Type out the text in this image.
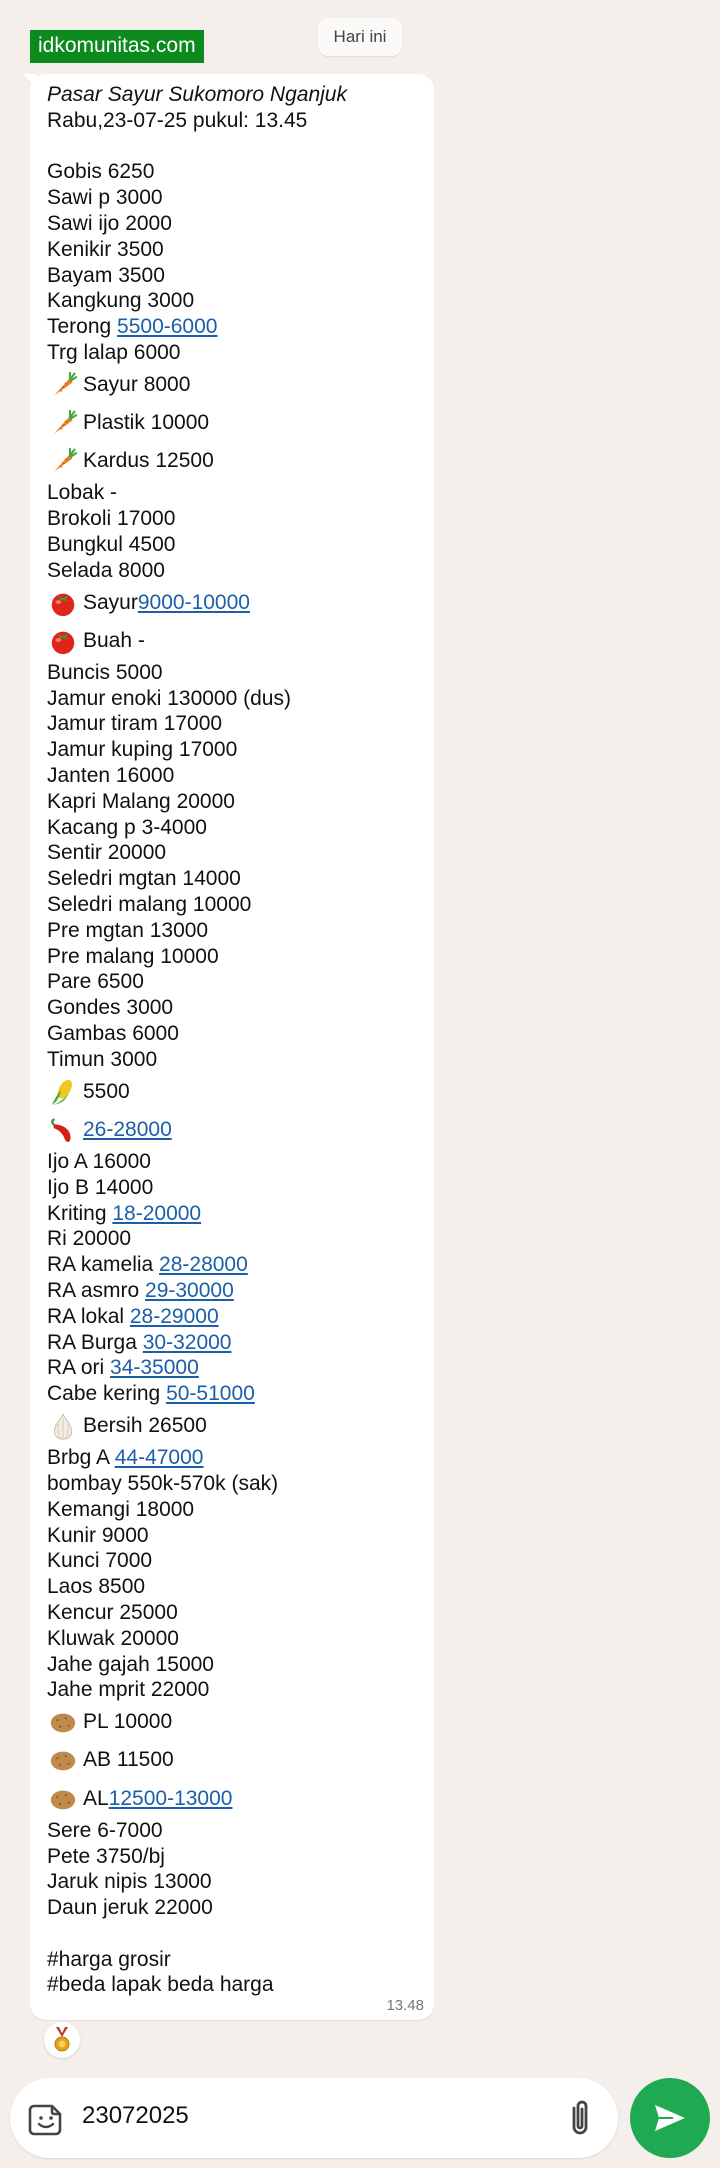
idkomunitas.com	Hari ini
Pasar Sayur Sukomoro Nganjuk
Rabu,23-07-25 pukul: 13.45
Gobis 6250
Sawi p 3000
Sawi ijo 2000
Kenikir 3500
Bayam 3500
Kangkung 3000
Terong 5500-6000
Trg lalap 6000
Sayur 8000
Plastik 10000
Kardus 12500
Lobak -
Brokoli 17000
Bungkul 4500
Selada 8000
Sayur 9000-10000
Buah -
Buncis 5000
Jamur enoki 130000 (dus)
Jamur tiram 17000
Jamur kuping 17000
Janten 16000
Kapri Malang 20000
Kacang p 3-4000
Sentir 20000
Seledri mgtan 14000
Seledri malang 10000
Pre mgtan 13000
Pre malang 10000
Pare 6500
Gondes 3000
Gambas 6000
Timun 3000
5500
26-28000
Ijo A 16000
Ijo B 14000
Kriting 18-20000
Ri 20000
RA kamelia 28-28000
RA asmro 29-30000
RA lokal 28-29000
RA Burga 30-32000
RA ori 34-35000
Cabe kering 50-51000
Bersih 26500
Brbg A 44-47000
bombay 550k-570k (sak)
Kemangi 18000
Kunir 9000
Kunci 7000
Laos 8500
Kencur 25000
Kluwak 20000
Jahe gajah 15000
Jahe mprit 22000
PL 10000
AB 11500
AL 12500-13000
Sere 6-7000
Pete 3750/bj
Jaruk nipis 13000
Daun jeruk 22000
#harga grosir
#beda lapak beda harga
13.48
23072025
